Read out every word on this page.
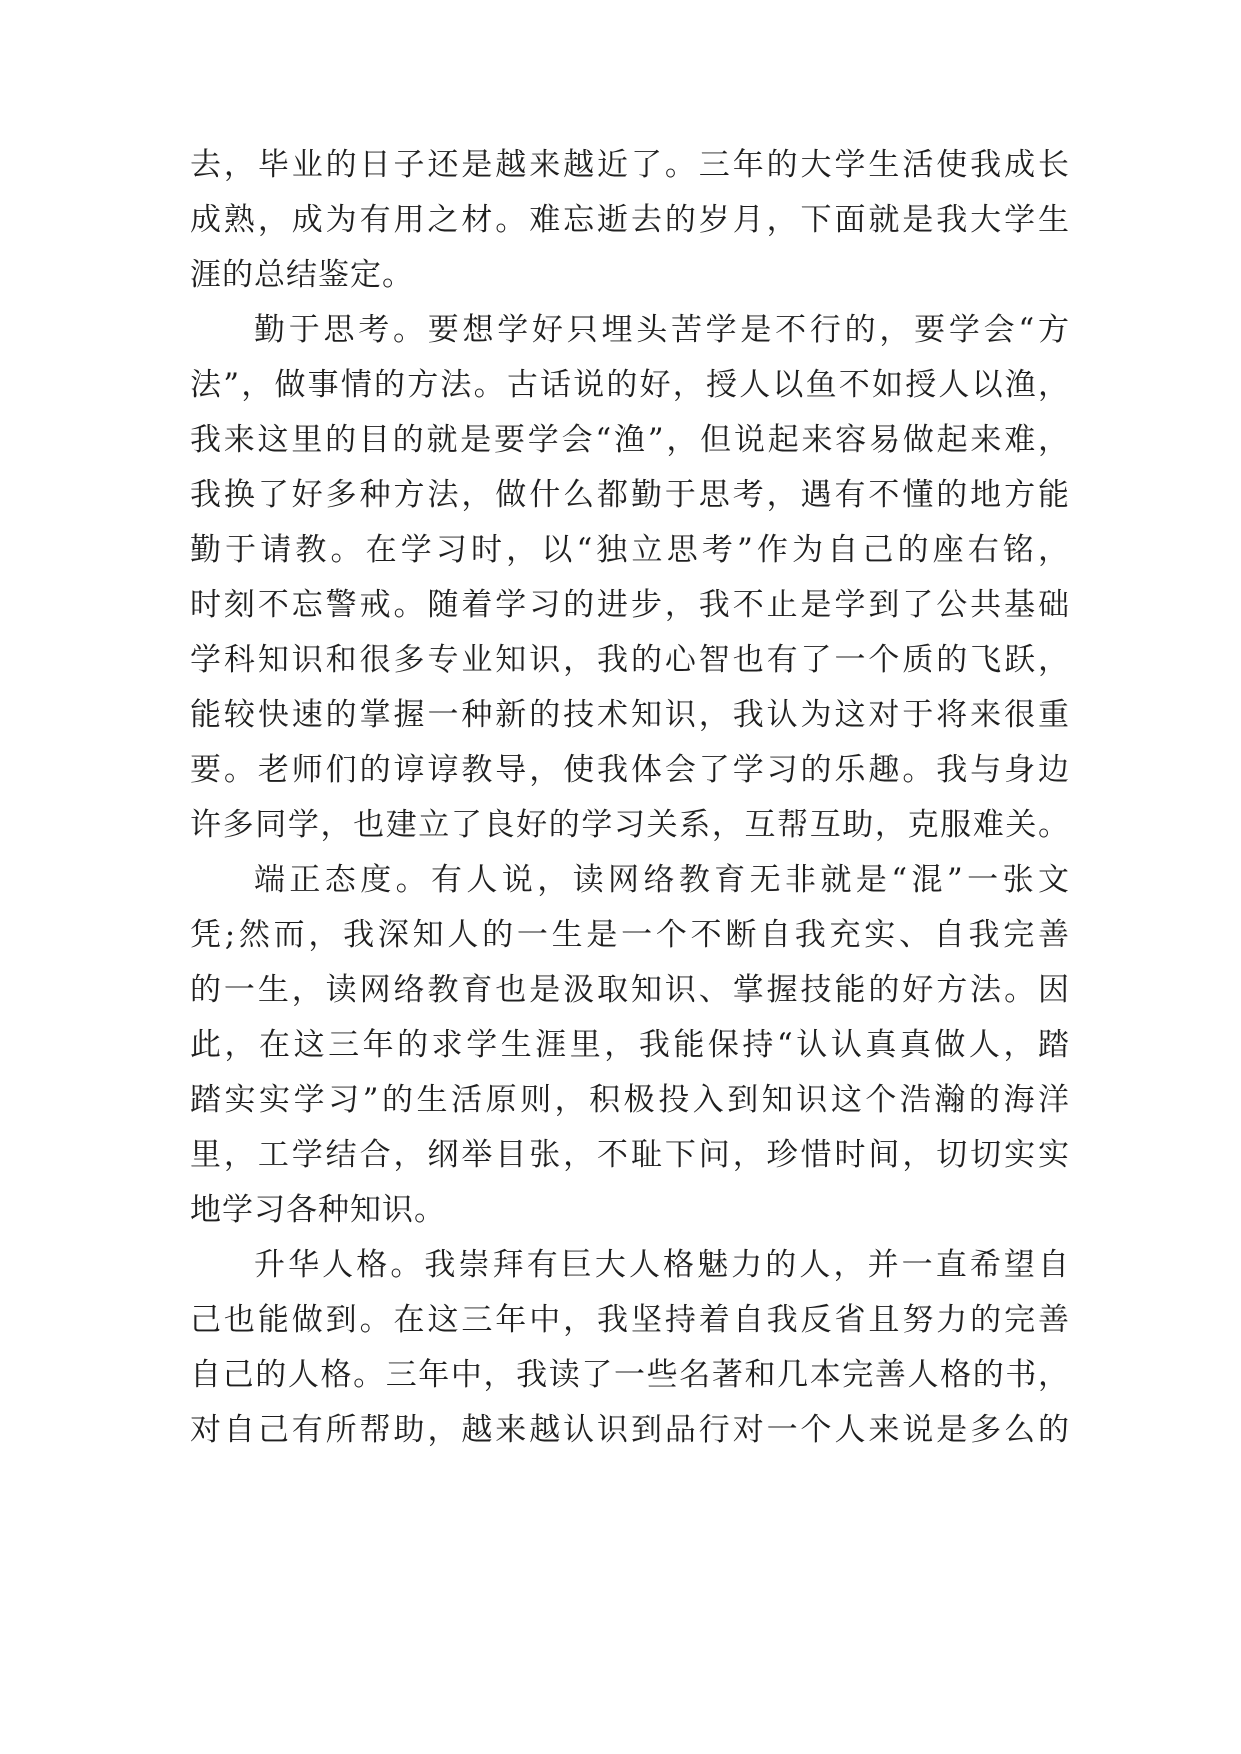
去，毕业的日子还是越来越近了。三年的大学生活使我成长

成熟，成为有用之材。难忘逝去的岁月，下面就是我大学生

涯的总结鉴定。

勤于思考。要想学好只埋头苦学是不行的，要学会“方

法”，做事情的方法。古话说的好，授人以鱼不如授人以渔，

我来这里的目的就是要学会“渔”，但说起来容易做起来难，

我换了好多种方法，做什么都勤于思考，遇有不懂的地方能

勤于请教。在学习时，以“独立思考”作为自己的座右铭，

时刻不忘警戒。随着学习的进步，我不止是学到了公共基础

学科知识和很多专业知识，我的心智也有了一个质的飞跃，

能较快速的掌握一种新的技术知识，我认为这对于将来很重

要。老师们的谆谆教导，使我体会了学习的乐趣。我与身边

许多同学，也建立了良好的学习关系，互帮互助，克服难关。

端正态度。有人说，读网络教育无非就是“混”一张文

凭;然而，我深知人的一生是一个不断自我充实、自我完善

的一生，读网络教育也是汲取知识、掌握技能的好方法。因

此，在这三年的求学生涯里，我能保持“认认真真做人，踏

踏实实学习”的生活原则，积极投入到知识这个浩瀚的海洋

里，工学结合，纲举目张，不耻下问，珍惜时间，切切实实

地学习各种知识。

升华人格。我崇拜有巨大人格魅力的人，并一直希望自

己也能做到。在这三年中，我坚持着自我反省且努力的完善

自己的人格。三年中，我读了一些名著和几本完善人格的书，

对自己有所帮助，越来越认识到品行对一个人来说是多么的
